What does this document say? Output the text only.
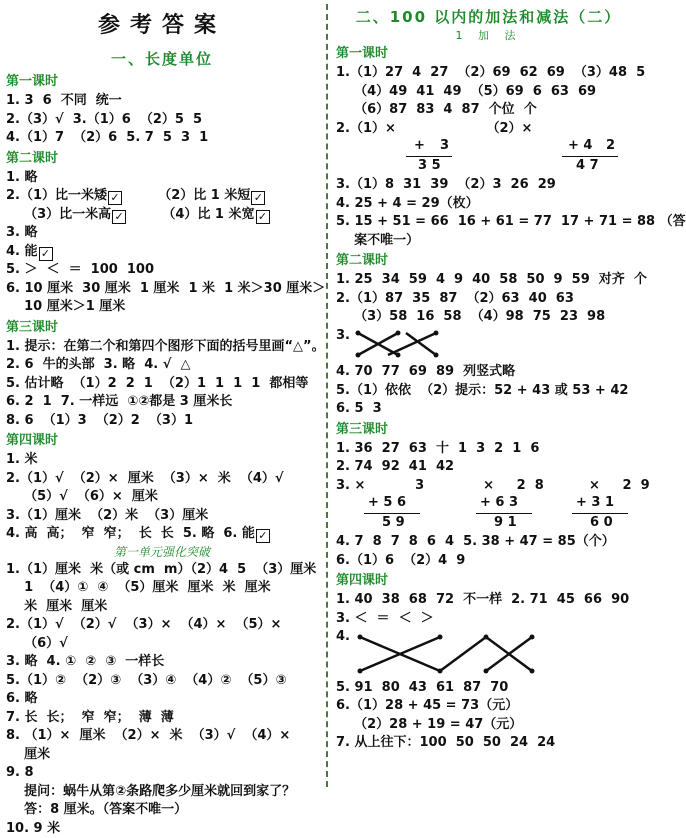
参考答案
一、长度单位
第一课时
1. 3  6  不同  统一
2.（3）√  3.（1）6  （2）5  5
4.（1）7  （2）6  5. 7  5  3  1
第二课时
1. 略
2.（1）比一米矮 ✓        （2）比 1 米短 ✓
（3）比一米高 ✓        （4）比 1 米宽 ✓
3. 略
4. 能 ✓
5. ＞  ＜  ＝  100  100
6. 10 厘米  30 厘米  1 厘米  1 米  1 米＞30 厘米＞
10 厘米＞1 厘米
第三课时
1. 提示：在第二个和第四个图形下面的括号里画“△”。
2. 6  牛的头部  3. 略  4. √  △
5. 估计略  （1）2  2  1  （2）1  1  1  1  都相等
6. 2  1  7. 一样远  ①②都是 3 厘米长
8. 6  （1）3  （2）2  （3）1
第四课时
1. 米
2.（1）√  （2）×  厘米  （3）×  米  （4）√
（5）√  （6）×  厘米
3.（1）厘米  （2）米  （3）厘米
4. 高  高；  窄  窄；  长  长  5. 略  6. 能 ✓
第一单元强化突破
1.（1）厘米  米（或 cm  m）（2）4  5  （3）厘米
1  （4）①  ④  （5）厘米  厘米  米  厘米
米  厘米  厘米
2.（1）√  （2）√  （3）×  （4）×  （5）×
（6）√
3. 略  4. ①  ②  ③  一样长
5.（1）②  （2）③  （3）④  （4）②  （5）③
6. 略
7. 长  长；  窄  窄；  薄  薄
8. （1）×  厘米  （2）×  米  （3）√  （4）×
厘米
9. 8
提问：蜗牛从第②条路爬多少厘米就回到家了？
答：8 厘米。（答案不唯一）
10. 9 米
二、100 以内的加法和减法（二）
1 加 法
第一课时
1.（1）27  4  27  （2）69  62  69  （3）48  5
（4）49  41  49  （5）69  6  63  69
（6）87  83  4  87  个位  个
2.（1）×                    （2）×
+ 3
3 5
+ 4 2
4 7
3.（1）8  31  39  （2）3  26  29
4. 25 + 4 = 29（枚）
5. 15 + 51 = 66  16 + 61 = 77  17 + 71 = 88 （答
案不唯一）
第二课时
1. 25  34  59  4  9  40  58  50  9  59  对齐  个
2.（1）87  35  87  （2）63  40  63
（3）58  16  58  （4）98  75  23  98
3.
4. 70  77  69  89  列竖式略
5.（1）依依  （2）提示：52 + 43 或 53 + 42
6. 5  3
第三课时
1. 36  27  63  十  1  3  2  1  6
2. 74  92  41  42
3. ×           3             ×     2  8          ×     2  9
+ 5 6
5 9
+ 6 3
9 1
+ 3 1
6 0
4. 7  8  7  8  6  4  5. 38 + 47 = 85（个）
6.（1）6  （2）4  9
第四课时
1. 40  38  68  72  不一样  2. 71  45  66  90
3. ＜  ＝  ＜  ＞
4.
5. 91  80  43  61  87  70
6.（1）28 + 45 = 73（元）
（2）28 + 19 = 47（元）
7. 从上往下：100  50  50  24  24
